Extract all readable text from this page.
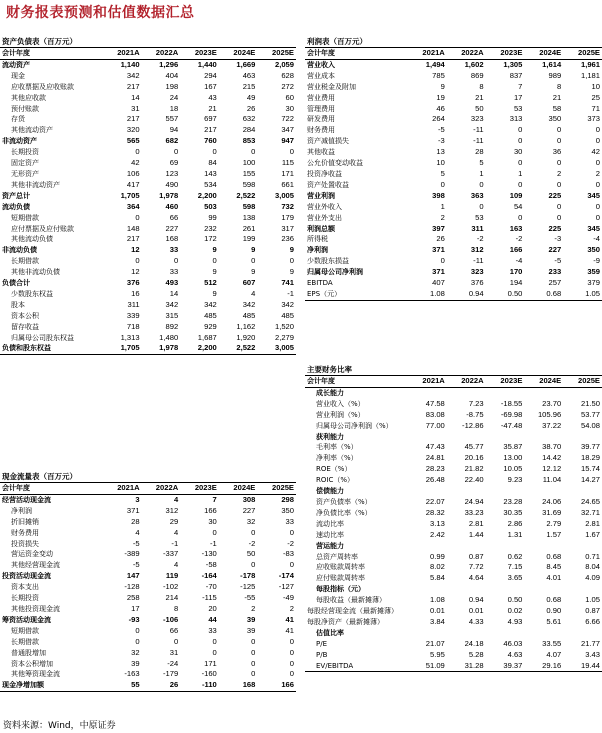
财务报表预测和估值数据汇总
资产负债表（百万元）
会计年度	2021A	2022A	2023E	2024E	2025E
流动资产	1,140	1,296	1,440	1,669	2,059
现金	342	404	294	463	628
应收票据及应收账款	217	198	167	215	272
其他应收款	14	24	43	49	60
预付账款	31	18	21	26	30
存货	217	557	697	632	722
其他流动资产	320	94	217	284	347
非流动资产	565	682	760	853	947
长期投资	0	0	0	0	0
固定资产	42	69	84	100	115
无形资产	106	123	143	155	171
其他非流动资产	417	490	534	598	661
资产总计	1,705	1,978	2,200	2,522	3,005
流动负债	364	460	503	598	732
短期借款	0	66	99	138	179
应付票据及应付账款	148	227	232	261	317
其他流动负债	217	168	172	199	236
非流动负债	12	33	9	9	9
长期借款	0	0	0	0	0
其他非流动负债	12	33	9	9	9
负债合计	376	493	512	607	741
少数股东权益	16	14	9	4	-1
股本	311	342	342	342	342
资本公积	339	315	485	485	485
留存收益	718	892	929	1,162	1,520
归属母公司股东权益	1,313	1,480	1,687	1,920	2,279
负债和股东权益	1,705	1,978	2,200	2,522	3,005
利润表（百万元）
会计年度	2021A	2022A	2023E	2024E	2025E
营业收入	1,494	1,602	1,305	1,614	1,961
营业成本	785	869	837	989	1,181
营业税金及附加	9	8	7	8	10
营业费用	19	21	17	21	25
管理费用	46	50	53	58	71
研发费用	264	323	313	350	373
财务费用	-5	-11	0	0	0
资产减值损失	-3	-11	0	0	0
其他收益	13	28	30	36	42
公允价值变动收益	10	5	0	0	0
投资净收益	5	1	1	2	2
资产处置收益	0	0	0	0	0
营业利润	398	363	109	225	345
营业外收入	1	0	54	0	0
营业外支出	2	53	0	0	0
利润总额	397	311	163	225	345
所得税	26	-2	-2	-3	-4
净利润	371	312	166	227	350
少数股东损益	0	-11	-4	-5	-9
归属母公司净利润	371	323	170	233	359
EBITDA	407	376	194	257	379
EPS（元）	1.08	0.94	0.50	0.68	1.05
主要财务比率
会计年度	2021A	2022A	2023E	2024E	2025E
成长能力					
营业收入（%）	47.58	7.23	-18.55	23.70	21.50
营业利润（%）	83.08	-8.75	-69.98	105.96	53.77
归属母公司净利润（%）	77.00	-12.86	-47.48	37.22	54.08
获利能力					
毛利率（%）	47.43	45.77	35.87	38.70	39.77
净利率（%）	24.81	20.16	13.00	14.42	18.29
ROE（%）	28.23	21.82	10.05	12.12	15.74
ROIC（%）	26.48	22.40	9.23	11.04	14.27
偿债能力					
资产负债率（%）	22.07	24.94	23.28	24.06	24.65
净负债比率（%）	28.32	33.23	30.35	31.69	32.71
流动比率	3.13	2.81	2.86	2.79	2.81
速动比率	2.42	1.44	1.31	1.57	1.67
营运能力					
总资产周转率	0.99	0.87	0.62	0.68	0.71
应收账款周转率	8.02	7.72	7.15	8.45	8.04
应付账款周转率	5.84	4.64	3.65	4.01	4.09
每股指标（元）					
每股收益（最新摊薄）	1.08	0.94	0.50	0.68	1.05
每股经营现金流（最新摊薄）	0.01	0.01	0.02	0.90	0.87
每股净资产（最新摊薄）	3.84	4.33	4.93	5.61	6.66
估值比率					
P/E	21.07	24.18	46.03	33.55	21.77
P/B	5.95	5.28	4.63	4.07	3.43
EV/EBITDA	51.09	31.28	39.37	29.16	19.44
现金流量表（百万元）
会计年度	2021A	2022A	2023E	2024E	2025E
经营活动现金流	3	4	7	308	298
净利润	371	312	166	227	350
折旧摊销	28	29	30	32	33
财务费用	4	4	0	0	0
投资损失	-5	-1	-1	-2	-2
营运资金变动	-389	-337	-130	50	-83
其他经营现金流	-5	4	-58	0	0
投资活动现金流	147	119	-164	-178	-174
资本支出	-128	-102	-70	-125	-127
长期投资	258	214	-115	-55	-49
其他投资现金流	17	8	20	2	2
筹资活动现金流	-93	-106	44	39	41
短期借款	0	66	33	39	41
长期借款	0	0	0	0	0
普通股增加	32	31	0	0	0
资本公积增加	39	-24	171	0	0
其他筹资现金流	-163	-179	-160	0	0
现金净增加额	55	26	-110	168	166
资料来源：Wind，中原证券
